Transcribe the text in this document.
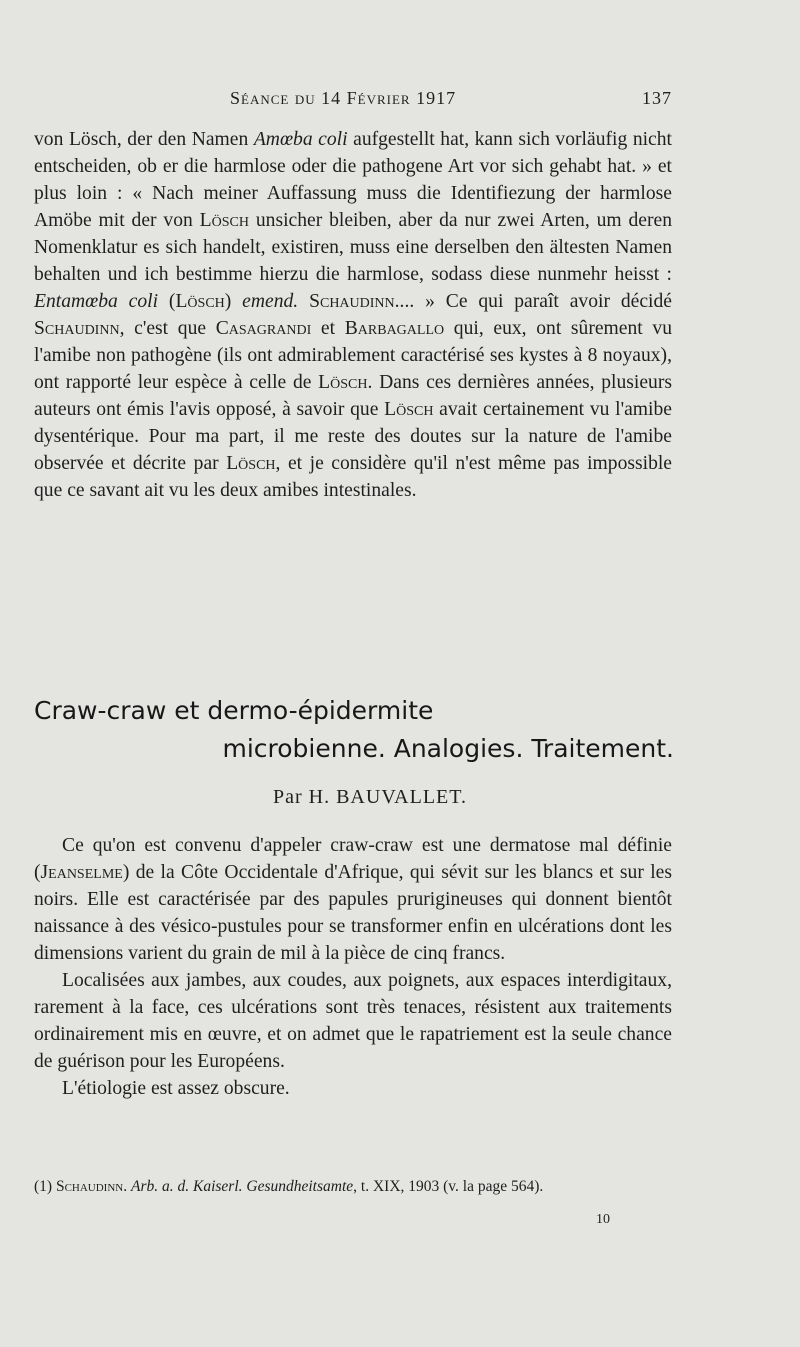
Séance du 14 Février 1917	137

von Lösch, der den Namen Amœba coli aufgestellt hat, kann sich vorläufig nicht entscheiden, ob er die harmlose oder die pathogene Art vor sich gehabt hat. » et plus loin : « Nach meiner Auffassung muss die Identifiezung der harmlose Amöbe mit der von Lösch unsicher bleiben, aber da nur zwei Arten, um deren Nomenklatur es sich handelt, existiren, muss eine derselben den ältesten Namen behalten und ich bestimme hierzu die harmlose, sodass diese nunmehr heisst : Entamœba coli (Lösch) emend. Schaudinn.... » Ce qui paraît avoir décidé Schaudinn, c'est que Casagrandi et Barbagallo qui, eux, ont sûrement vu l'amibe non pathogène (ils ont admirablement caractérisé ses kystes à 8 noyaux), ont rapporté leur espèce à celle de Lösch. Dans ces dernières années, plusieurs auteurs ont émis l'avis opposé, à savoir que Lösch avait certainement vu l'amibe dysentérique. Pour ma part, il me reste des doutes sur la nature de l'amibe observée et décrite par Lösch, et je considère qu'il n'est même pas impossible que ce savant ait vu les deux amibes intestinales.

Craw-craw et dermo-épidermite
microbienne. Analogies. Traitement.
Par H. BAUVALLET.

Ce qu'on est convenu d'appeler craw-craw est une dermatose mal définie (Jeanselme) de la Côte Occidentale d'Afrique, qui sévit sur les blancs et sur les noirs. Elle est caractérisée par des papules prurigineuses qui donnent bientôt naissance à des vésico-pustules pour se transformer enfin en ulcérations dont les dimensions varient du grain de mil à la pièce de cinq francs.

Localisées aux jambes, aux coudes, aux poignets, aux espaces interdigitaux, rarement à la face, ces ulcérations sont très tenaces, résistent aux traitements ordinairement mis en œuvre, et on admet que le rapatriement est la seule chance de guérison pour les Européens.

L'étiologie est assez obscure.

(1) Schaudinn. Arb. a. d. Kaiserl. Gesundheitsamte, t. XIX, 1903 (v. la page 564).
10
